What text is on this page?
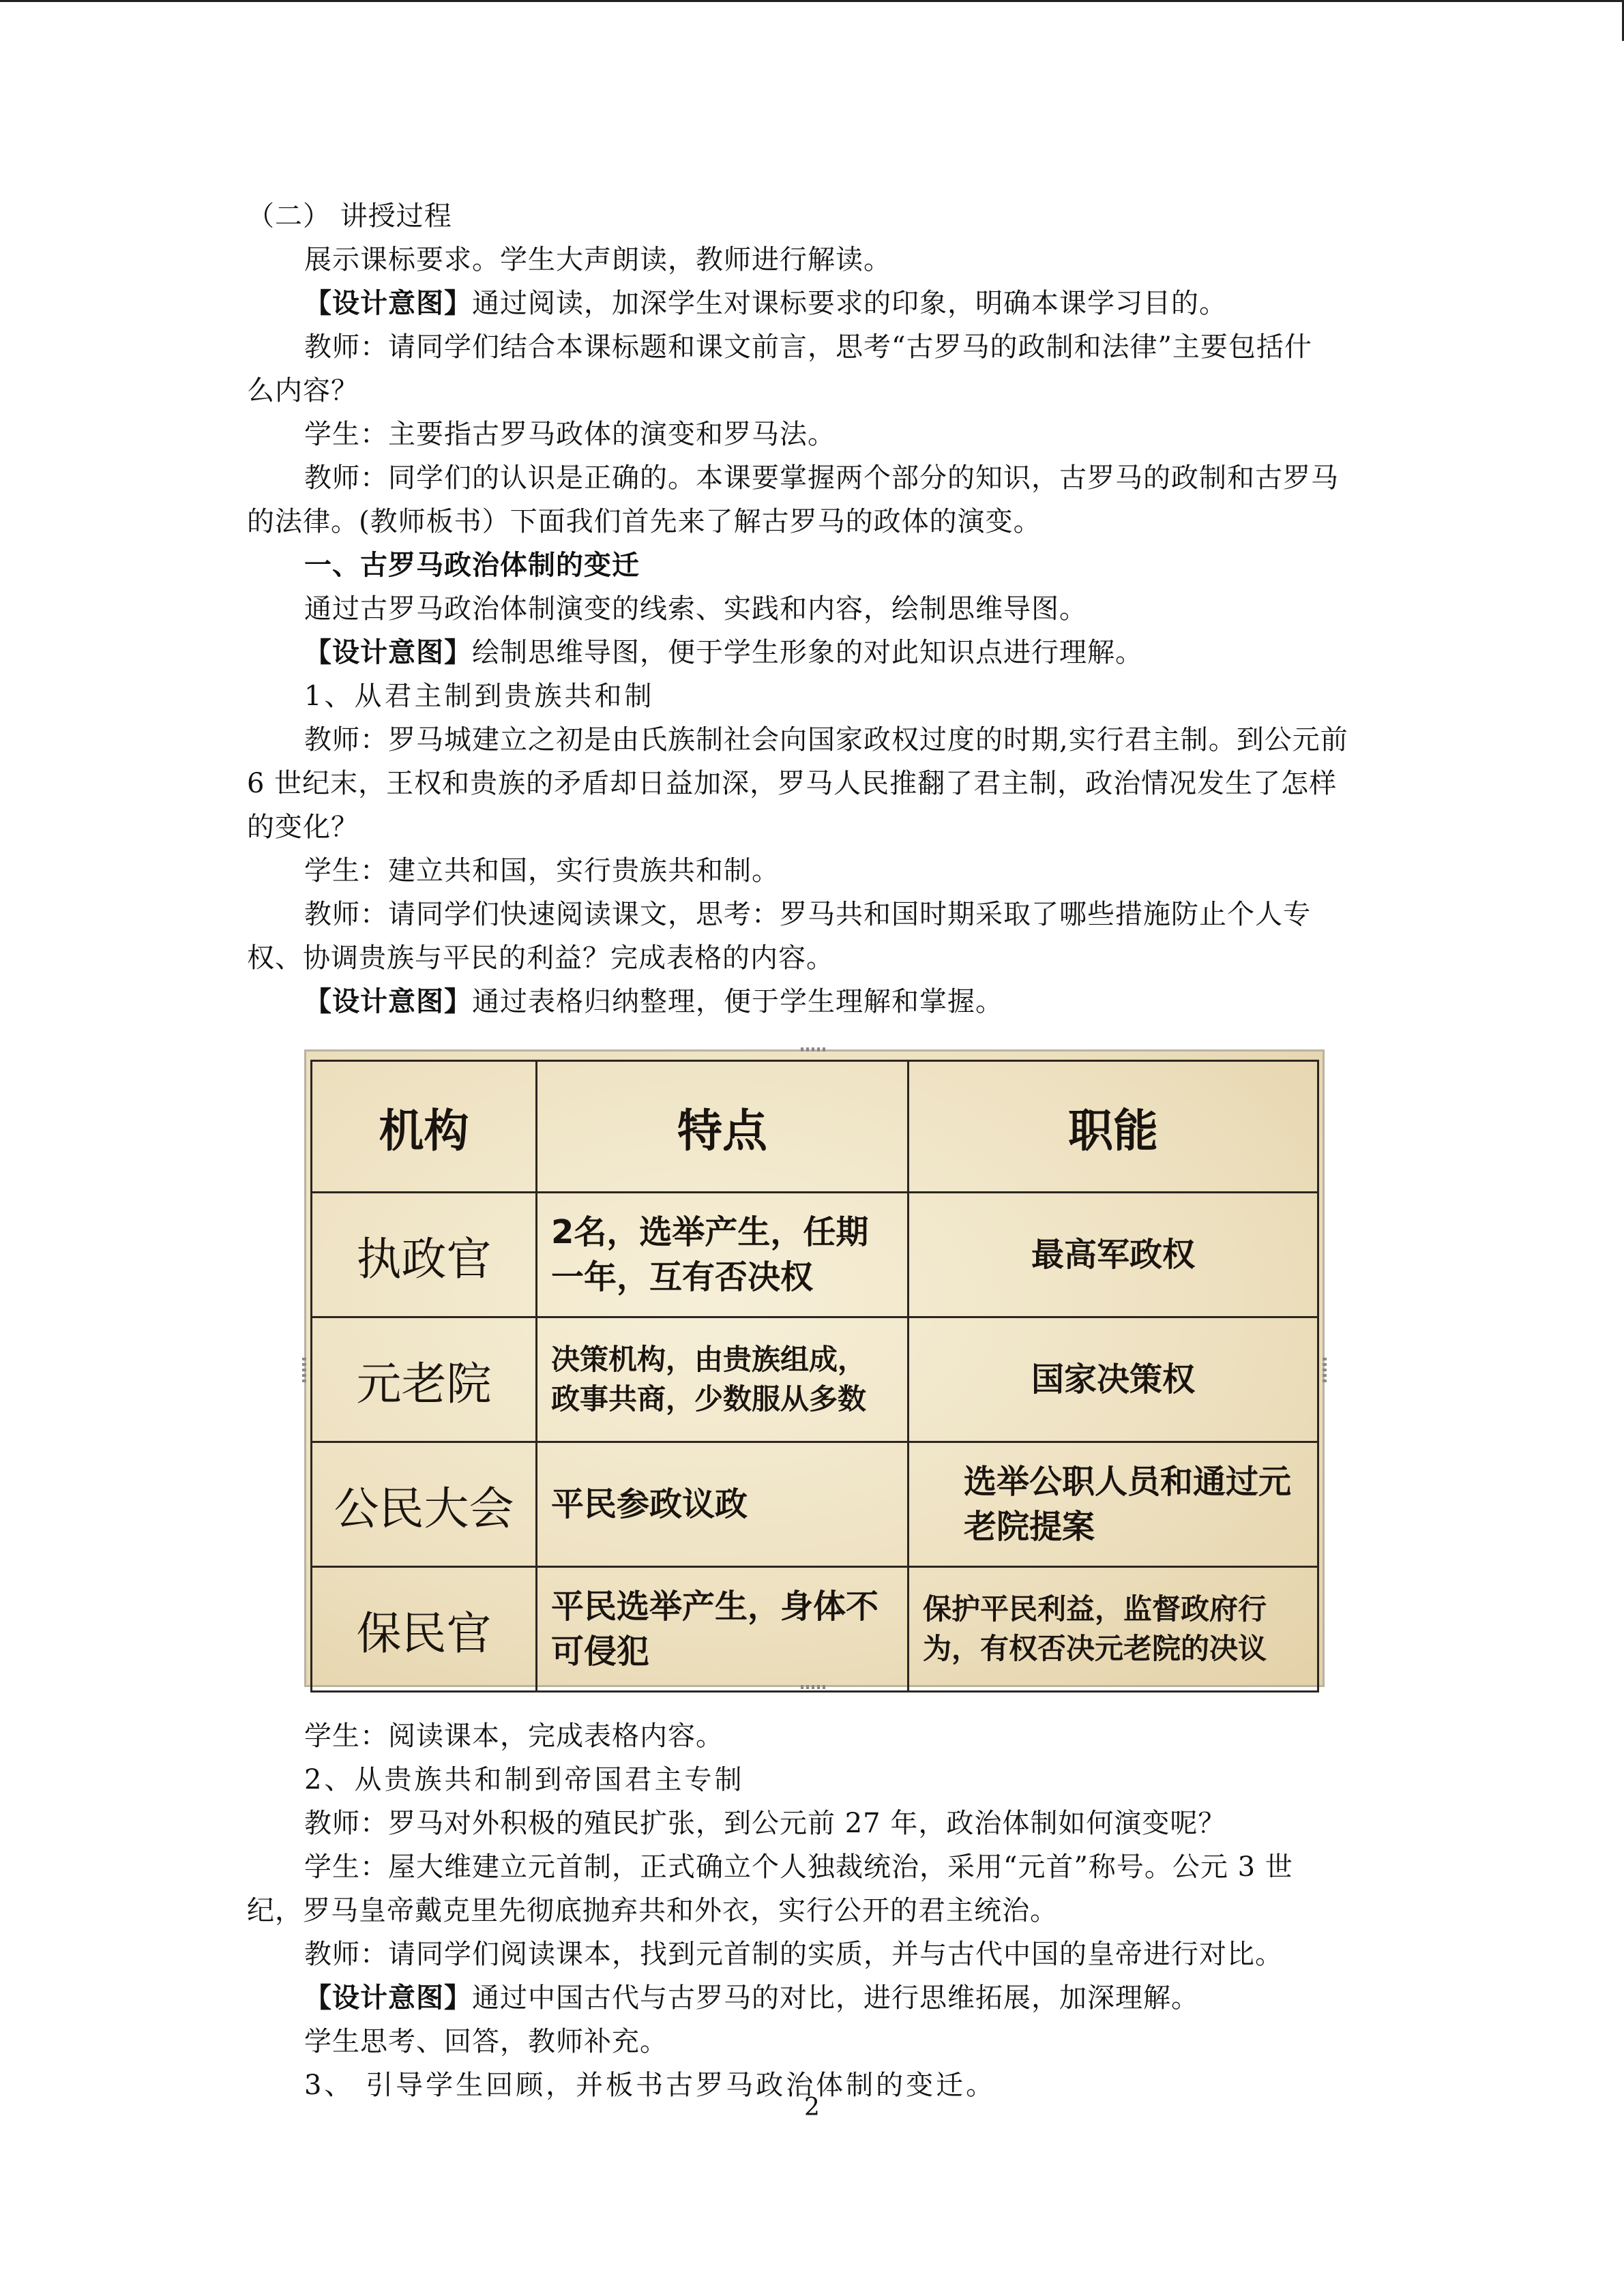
（二） 讲授过程
展示课标要求。学生大声朗读，教师进行解读。
【设计意图】通过阅读，加深学生对课标要求的印象，明确本课学习目的。
教师：请同学们结合本课标题和课文前言，思考“古罗马的政制和法律”主要包括什
么内容？
学生：主要指古罗马政体的演变和罗马法。
教师：同学们的认识是正确的。本课要掌握两个部分的知识，古罗马的政制和古罗马
的法律。(教师板书）下面我们首先来了解古罗马的政体的演变。
一、古罗马政治体制的变迁
通过古罗马政治体制演变的线索、实践和内容，绘制思维导图。
【设计意图】绘制思维导图，便于学生形象的对此知识点进行理解。
1、从君主制到贵族共和制
教师：罗马城建立之初是由氏族制社会向国家政权过度的时期,实行君主制。到公元前
6 世纪末，王权和贵族的矛盾却日益加深，罗马人民推翻了君主制，政治情况发生了怎样
的变化？
学生：建立共和国，实行贵族共和制。
教师：请同学们快速阅读课文，思考：罗马共和国时期采取了哪些措施防止个人专
权、协调贵族与平民的利益？完成表格的内容。
【设计意图】通过表格归纳整理，便于学生理解和掌握。
机构	特点	职能
执政官	2名，选举产生，任期一年，互有否决权	最高军政权
元老院	决策机构，由贵族组成，政事共商，少数服从多数	国家决策权
公民大会	平民参政议政	选举公职人员和通过元老院提案
保民官	平民选举产生，身体不可侵犯	保护平民利益，监督政府行为，有权否决元老院的决议
学生：阅读课本，完成表格内容。
2、从贵族共和制到帝国君主专制
教师：罗马对外积极的殖民扩张，到公元前 27 年，政治体制如何演变呢？
学生：屋大维建立元首制，正式确立个人独裁统治，采用“元首”称号。公元 3 世
纪，罗马皇帝戴克里先彻底抛弃共和外衣，实行公开的君主统治。
教师：请同学们阅读课本，找到元首制的实质，并与古代中国的皇帝进行对比。
【设计意图】通过中国古代与古罗马的对比，进行思维拓展，加深理解。
学生思考、回答，教师补充。
3、 引导学生回顾，并板书古罗马政治体制的变迁。
2
